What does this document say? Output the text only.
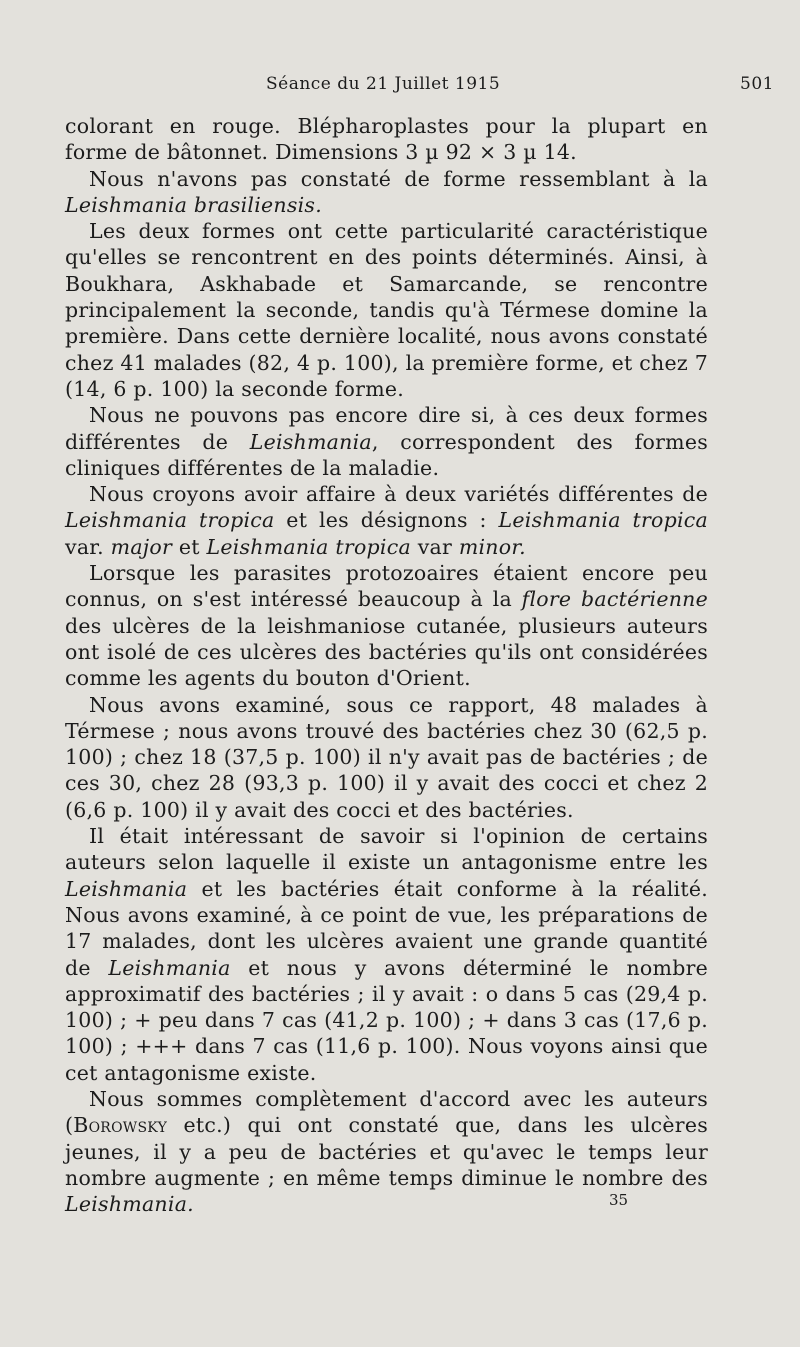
Séance du 21 Juillet 1915	501

colorant en rouge. Blépharoplastes pour la plupart en forme de bâtonnet. Dimensions 3 µ 92 × 3 µ 14.

Nous n'avons pas constaté de forme ressemblant à la Leishmania brasiliensis.

Les deux formes ont cette particularité caractéristique qu'elles se rencontrent en des points déterminés. Ainsi, à Boukhara, Askhabade et Samarcande, se rencontre principalement la seconde, tandis qu'à Térmese domine la première. Dans cette dernière localité, nous avons constaté chez 41 malades (82, 4 p. 100), la première forme, et chez 7 (14, 6 p. 100) la seconde forme.

Nous ne pouvons pas encore dire si, à ces deux formes différentes de Leishmania, correspondent des formes cliniques différentes de la maladie.

Nous croyons avoir affaire à deux variétés différentes de Leishmania tropica et les désignons : Leishmania tropica var. major et Leishmania tropica var minor.

Lorsque les parasites protozoaires étaient encore peu connus, on s'est intéressé beaucoup à la flore bactérienne des ulcères de la leishmaniose cutanée, plusieurs auteurs ont isolé de ces ulcères des bactéries qu'ils ont considérées comme les agents du bouton d'Orient.

Nous avons examiné, sous ce rapport, 48 malades à Térmese ; nous avons trouvé des bactéries chez 30 (62,5 p. 100) ; chez 18 (37,5 p. 100) il n'y avait pas de bactéries ; de ces 30, chez 28 (93,3 p. 100) il y avait des cocci et chez 2 (6,6 p. 100) il y avait des cocci et des bactéries.

Il était intéressant de savoir si l'opinion de certains auteurs selon laquelle il existe un antagonisme entre les Leishmania et les bactéries était conforme à la réalité. Nous avons examiné, à ce point de vue, les préparations de 17 malades, dont les ulcères avaient une grande quantité de Leishmania et nous y avons déterminé le nombre approximatif des bactéries ; il y avait : o dans 5 cas (29,4 p. 100) ; + peu dans 7 cas (41,2 p. 100) ; + dans 3 cas (17,6 p. 100) ; +++ dans 7 cas (11,6 p. 100). Nous voyons ainsi que cet antagonisme existe.

Nous sommes complètement d'accord avec les auteurs (Borowsky etc.) qui ont constaté que, dans les ulcères jeunes, il y a peu de bactéries et qu'avec le temps leur nombre augmente ; en même temps diminue le nombre des Leishmania.	35
